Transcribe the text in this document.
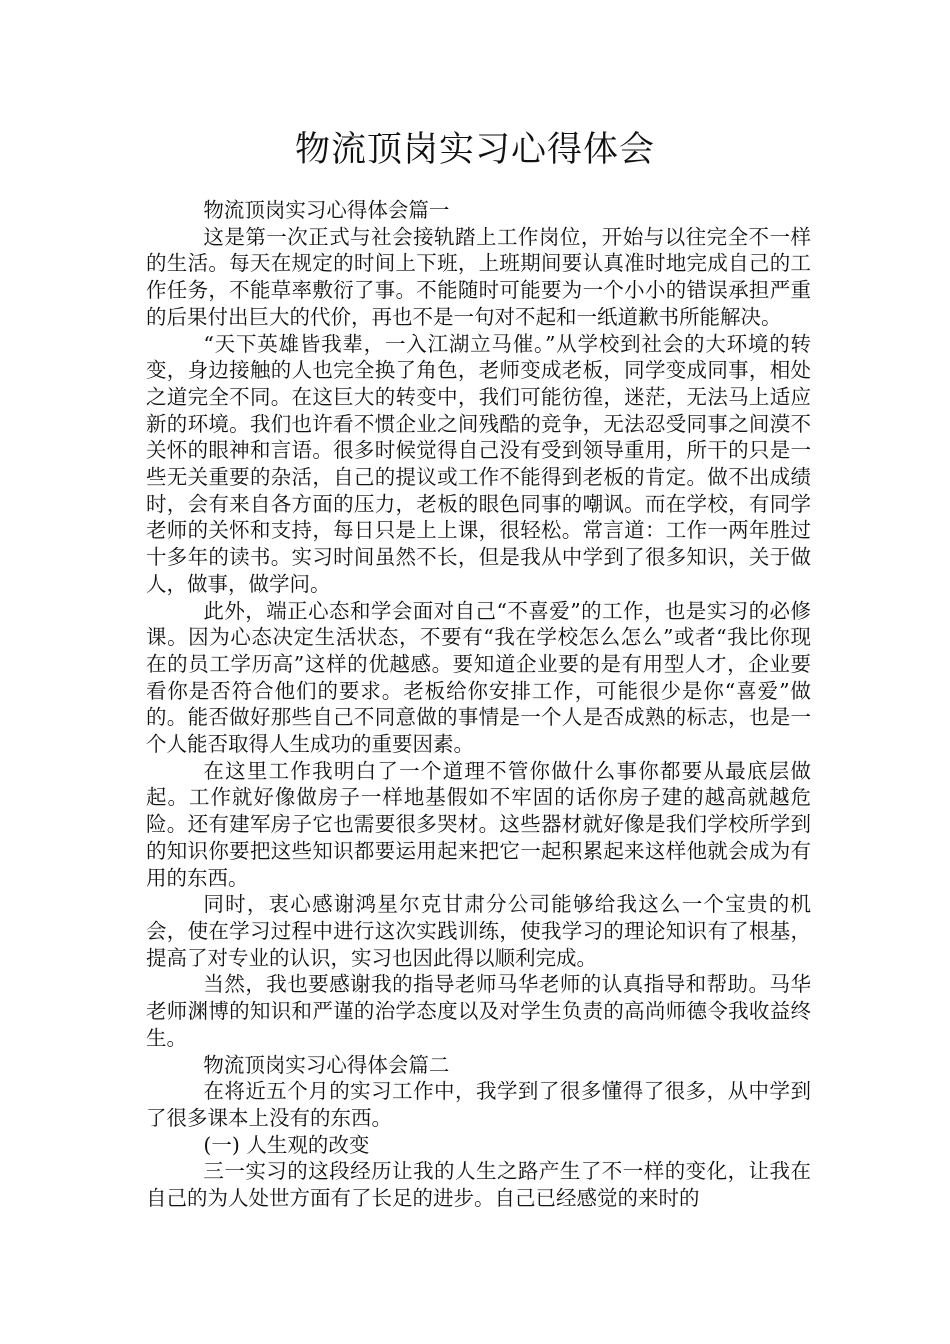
物流顶岗实习心得体会

物流顶岗实习心得体会篇一

这是第一次正式与社会接轨踏上工作岗位，开始与以往完全不一样的生活。每天在规定的时间上下班，上班期间要认真准时地完成自己的工作任务，不能草率敷衍了事。不能随时可能要为一个小小的错误承担严重的后果付出巨大的代价，再也不是一句对不起和一纸道歉书所能解决。

“天下英雄皆我辈，一入江湖立马催。”从学校到社会的大环境的转变，身边接触的人也完全换了角色，老师变成老板，同学变成同事，相处之道完全不同。在这巨大的转变中，我们可能彷徨，迷茫，无法马上适应新的环境。我们也许看不惯企业之间残酷的竞争，无法忍受同事之间漠不关怀的眼神和言语。很多时候觉得自己没有受到领导重用，所干的只是一些无关重要的杂活，自己的提议或工作不能得到老板的肯定。做不出成绩时，会有来自各方面的压力，老板的眼色同事的嘲讽。而在学校，有同学老师的关怀和支持，每日只是上上课，很轻松。常言道：工作一两年胜过十多年的读书。实习时间虽然不长，但是我从中学到了很多知识，关于做人，做事，做学问。

此外，端正心态和学会面对自己“不喜爱”的工作，也是实习的必修课。因为心态决定生活状态，不要有“我在学校怎么怎么”或者“我比你现在的员工学历高”这样的优越感。要知道企业要的是有用型人才，企业要看你是否符合他们的要求。老板给你安排工作，可能很少是你“喜爱”做的。能否做好那些自己不同意做的事情是一个人是否成熟的标志，也是一个人能否取得人生成功的重要因素。

在这里工作我明白了一个道理不管你做什么事你都要从最底层做起。工作就好像做房子一样地基假如不牢固的话你房子建的越高就越危险。还有建军房子它也需要很多哭材。这些器材就好像是我们学校所学到的知识你要把这些知识都要运用起来把它一起积累起来这样他就会成为有用的东西。

同时，衷心感谢鸿星尔克甘肃分公司能够给我这么一个宝贵的机会，使在学习过程中进行这次实践训练，使我学习的理论知识有了根基，提高了对专业的认识，实习也因此得以顺利完成。

当然，我也要感谢我的指导老师马华老师的认真指导和帮助。马华老师渊博的知识和严谨的治学态度以及对学生负责的高尚师德令我收益终生。

物流顶岗实习心得体会篇二

在将近五个月的实习工作中，我学到了很多懂得了很多，从中学到了很多课本上没有的东西。

(一) 人生观的改变

三一实习的这段经历让我的人生之路产生了不一样的变化，让我在自己的为人处世方面有了长足的进步。自己已经感觉的来时的
